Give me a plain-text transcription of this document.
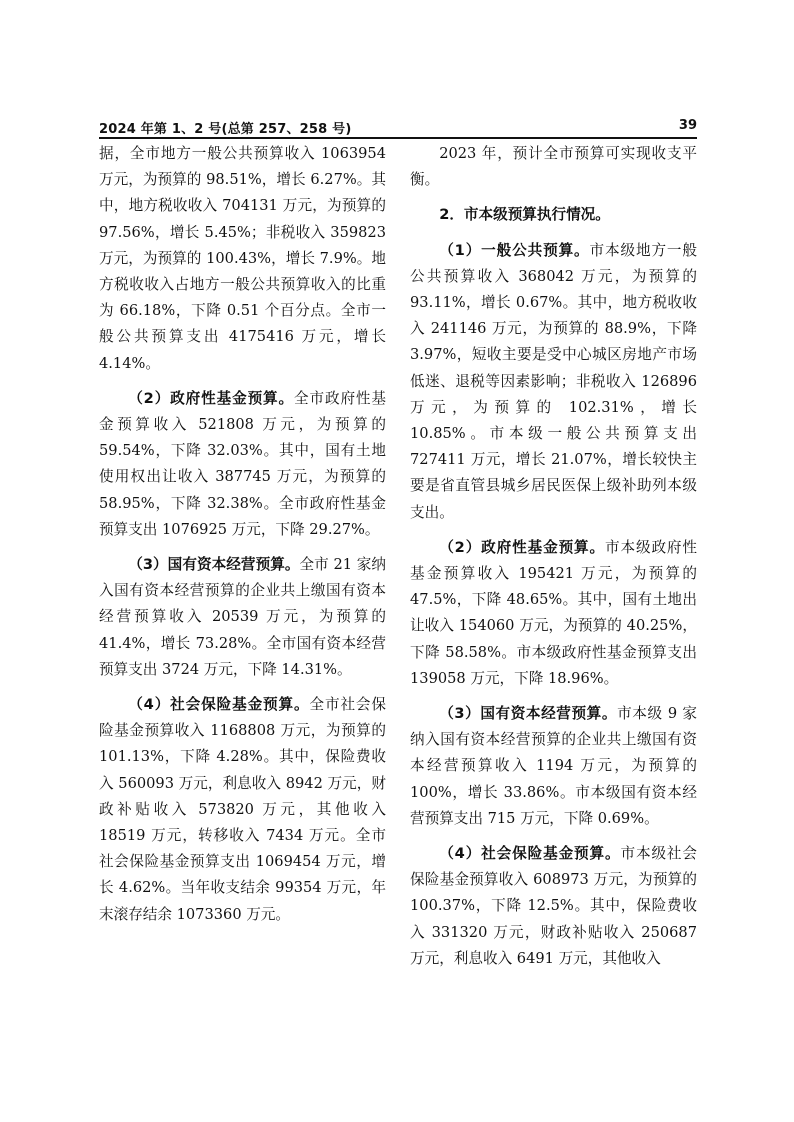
2024 年第 1、2 号(总第 257、258 号)	39

据，全市地方一般公共预算收入 1063954 万元，为预算的 98.51%，增长 6.27%。其中，地方税收收入 704131 万元，为预算的 97.56%，增长 5.45%；非税收入 359823 万元，为预算的 100.43%，增长 7.9%。地方税收收入占地方一般公共预算收入的比重为 66.18%，下降 0.51 个百分点。全市一般公共预算支出 4175416 万元，增长 4.14%。

（2）政府性基金预算。全市政府性基金预算收入 521808 万元，为预算的 59.54%，下降 32.03%。其中，国有土地使用权出让收入 387745 万元，为预算的 58.95%，下降 32.38%。全市政府性基金预算支出 1076925 万元，下降 29.27%。

（3）国有资本经营预算。全市 21 家纳入国有资本经营预算的企业共上缴国有资本经营预算收入 20539 万元，为预算的 41.4%，增长 73.28%。全市国有资本经营预算支出 3724 万元，下降 14.31%。

（4）社会保险基金预算。全市社会保险基金预算收入 1168808 万元，为预算的 101.13%，下降 4.28%。其中，保险费收入 560093 万元，利息收入 8942 万元，财政补贴收入 573820 万元，其他收入 18519 万元，转移收入 7434 万元。全市社会保险基金预算支出 1069454 万元，增长 4.62%。当年收支结余 99354 万元，年末滚存结余 1073360 万元。

2023 年，预计全市预算可实现收支平衡。

2．市本级预算执行情况。

（1）一般公共预算。市本级地方一般公共预算收入 368042 万元，为预算的 93.11%，增长 0.67%。其中，地方税收收入 241146 万元，为预算的 88.9%，下降 3.97%，短收主要是受中心城区房地产市场低迷、退税等因素影响；非税收入 126896 万元，为预算的 102.31%，增长 10.85%。市本级一般公共预算支出 727411 万元，增长 21.07%，增长较快主要是省直管县城乡居民医保上级补助列本级支出。

（2）政府性基金预算。市本级政府性基金预算收入 195421 万元，为预算的 47.5%，下降 48.65%。其中，国有土地出让收入 154060 万元，为预算的 40.25%，下降 58.58%。市本级政府性基金预算支出 139058 万元，下降 18.96%。

（3）国有资本经营预算。市本级 9 家纳入国有资本经营预算的企业共上缴国有资本经营预算收入 1194 万元，为预算的 100%，增长 33.86%。市本级国有资本经营预算支出 715 万元，下降 0.69%。

（4）社会保险基金预算。市本级社会保险基金预算收入 608973 万元，为预算的 100.37%，下降 12.5%。其中，保险费收入 331320 万元，财政补贴收入 250687 万元，利息收入 6491 万元，其他收入
